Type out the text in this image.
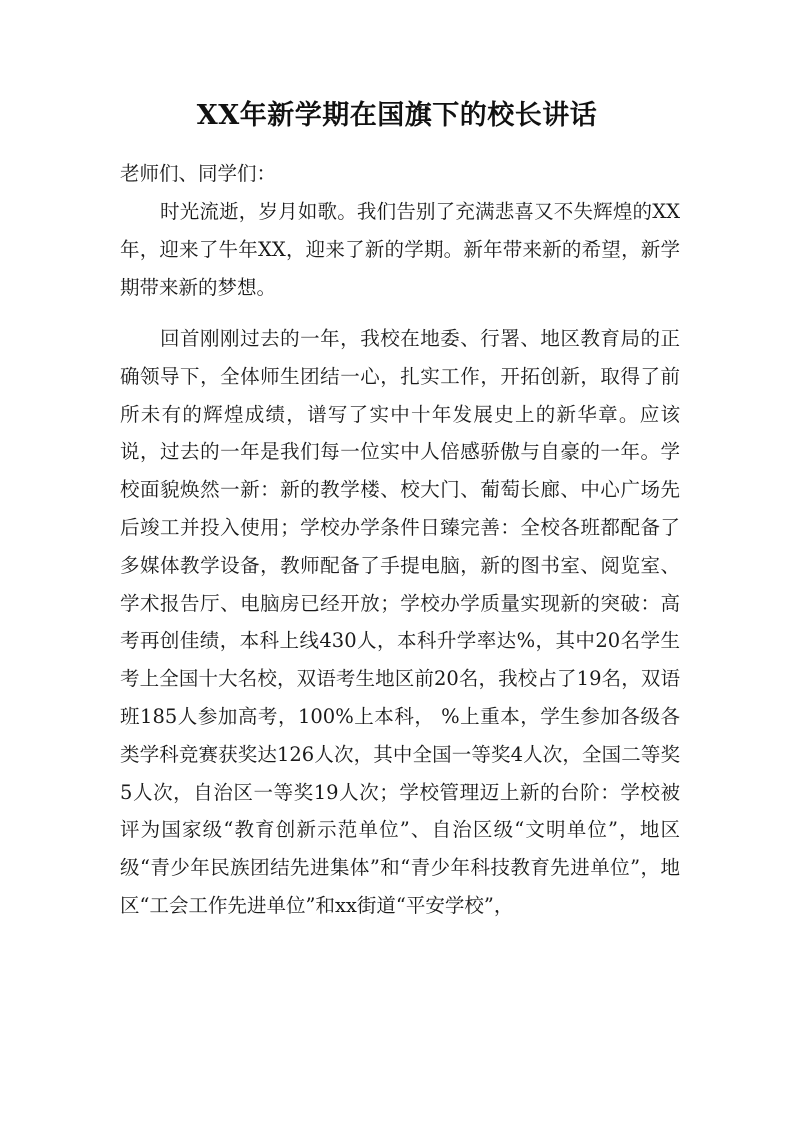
XX年新学期在国旗下的校长讲话
老师们、同学们：
时光流逝，岁月如歌。我们告别了充满悲喜又不失辉煌的XX年，迎来了牛年XX，迎来了新的学期。新年带来新的希望，新学期带来新的梦想。
回首刚刚过去的一年，我校在地委、行署、地区教育局的正确领导下，全体师生团结一心，扎实工作，开拓创新，取得了前所未有的辉煌成绩，谱写了实中十年发展史上的新华章。应该说，过去的一年是我们每一位实中人倍感骄傲与自豪的一年。学校面貌焕然一新：新的教学楼、校大门、葡萄长廊、中心广场先后竣工并投入使用；学校办学条件日臻完善：全校各班都配备了多媒体教学设备，教师配备了手提电脑，新的图书室、阅览室、学术报告厅、电脑房已经开放；学校办学质量实现新的突破：高考再创佳绩，本科上线430人，本科升学率达%，其中20名学生考上全国十大名校，双语考生地区前20名，我校占了19名，双语班185人参加高考，100%上本科， %上重本，学生参加各级各类学科竞赛获奖达126人次，其中全国一等奖4人次，全国二等奖5人次，自治区一等奖19人次；学校管理迈上新的台阶：学校被评为国家级“教育创新示范单位”、自治区级“文明单位”，地区级“青少年民族团结先进集体”和“青少年科技教育先进单位”，地区“工会工作先进单位”和xx街道“平安学校”，
